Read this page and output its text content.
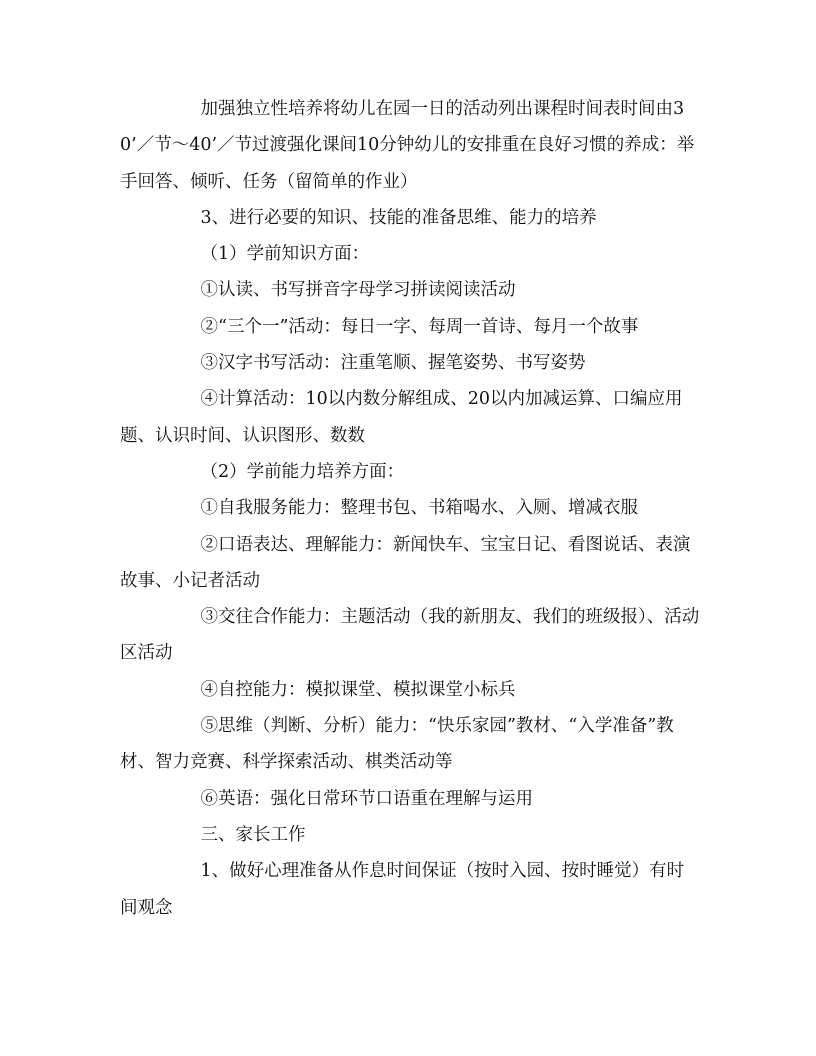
加强独立性培养将幼儿在园一日的活动列出课程时间表时间由30’／节～40’／节过渡强化课间10分钟幼儿的安排重在良好习惯的养成：举手回答、倾听、任务（留简单的作业）

3、进行必要的知识、技能的准备思维、能力的培养

（1）学前知识方面：

①认读、书写拼音字母学习拼读阅读活动

②“三个一”活动：每日一字、每周一首诗、每月一个故事

③汉字书写活动：注重笔顺、握笔姿势、书写姿势

④计算活动：10以内数分解组成、20以内加减运算、口编应用题、认识时间、认识图形、数数

（2）学前能力培养方面：

①自我服务能力：整理书包、书箱喝水、入厕、增减衣服

②口语表达、理解能力：新闻快车、宝宝日记、看图说话、表演故事、小记者活动

③交往合作能力：主题活动（我的新朋友、我们的班级报）、活动区活动

④自控能力：模拟课堂、模拟课堂小标兵

⑤思维（判断、分析）能力：“快乐家园”教材、“入学准备”教材、智力竞赛、科学探索活动、棋类活动等

⑥英语：强化日常环节口语重在理解与运用

三、家长工作

1、做好心理准备从作息时间保证（按时入园、按时睡觉）有时间观念
